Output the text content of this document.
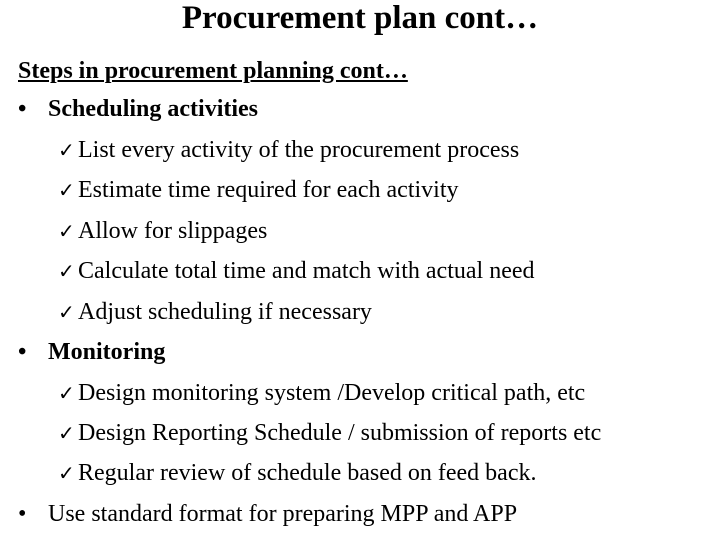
Procurement plan cont…
Steps in procurement planning cont…
• Scheduling activities
✓ List every activity of the procurement process
✓ Estimate time required for each activity
✓ Allow for slippages
✓ Calculate total time and match with actual need
✓ Adjust scheduling if necessary
• Monitoring
✓ Design monitoring system /Develop critical path, etc
✓ Design Reporting Schedule / submission of reports etc
✓ Regular review of schedule based on feed back.
• Use standard format for preparing MPP and APP
